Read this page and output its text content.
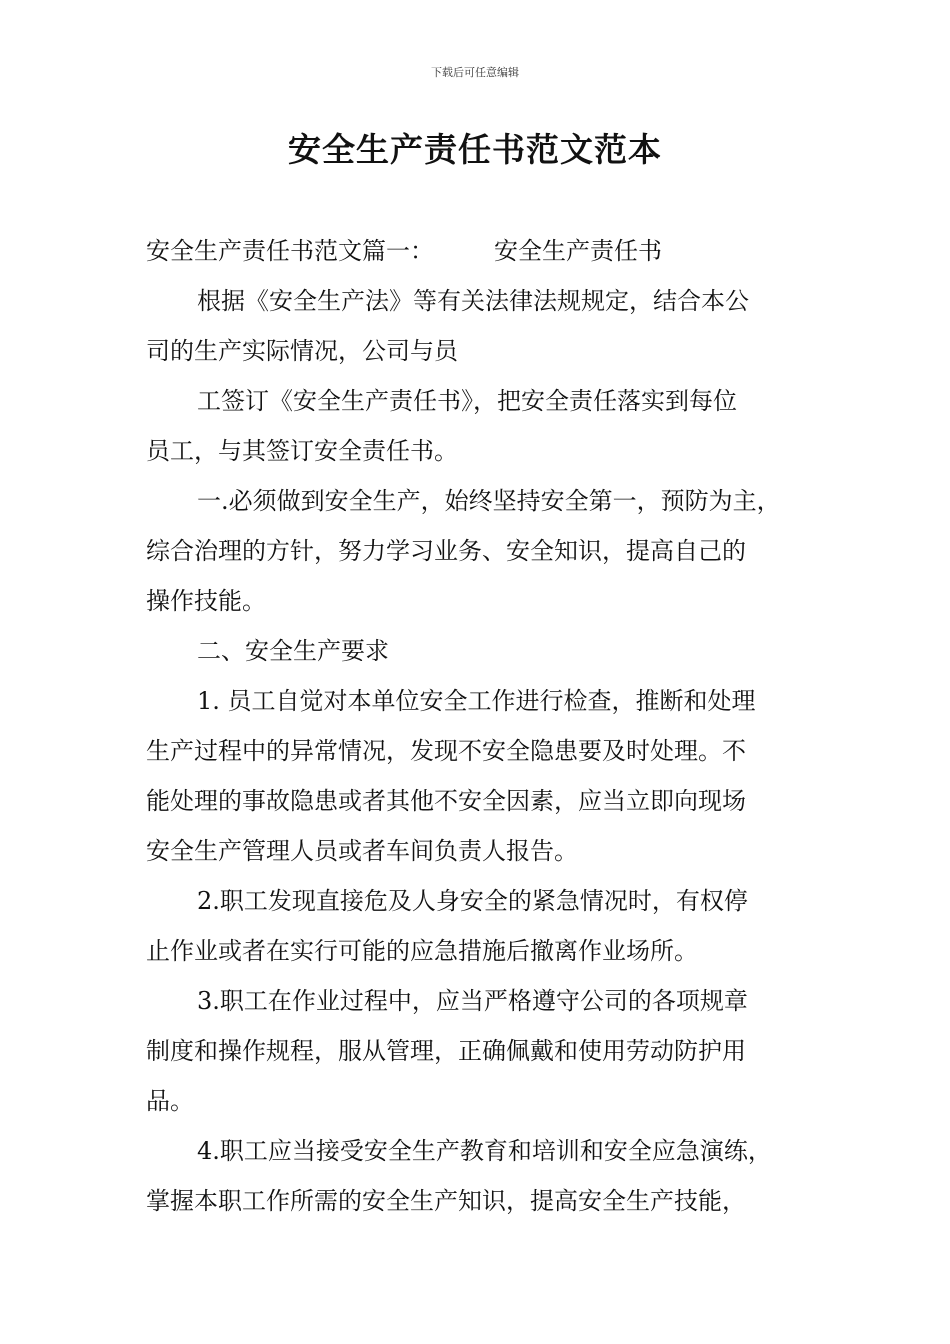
下载后可任意编辑
安全生产责任书范文范本
安全生产责任书范文篇一：	安全生产责任书
根据《安全生产法》等有关法律法规规定，结合本公
司的生产实际情况，公司与员
工签订《安全生产责任书》，把安全责任落实到每位
员工，与其签订安全责任书。
一.必须做到安全生产，始终坚持安全第一，预防为主，
综合治理的方针，努力学习业务、安全知识，提高自己的
操作技能。
二、安全生产要求
1. 员工自觉对本单位安全工作进行检查，推断和处理
生产过程中的异常情况，发现不安全隐患要及时处理。不
能处理的事故隐患或者其他不安全因素，应当立即向现场
安全生产管理人员或者车间负责人报告。
2.职工发现直接危及人身安全的紧急情况时，有权停
止作业或者在实行可能的应急措施后撤离作业场所。
3.职工在作业过程中，应当严格遵守公司的各项规章
制度和操作规程，服从管理，正确佩戴和使用劳动防护用
品。
4.职工应当接受安全生产教育和培训和安全应急演练，
掌握本职工作所需的安全生产知识，提高安全生产技能，
